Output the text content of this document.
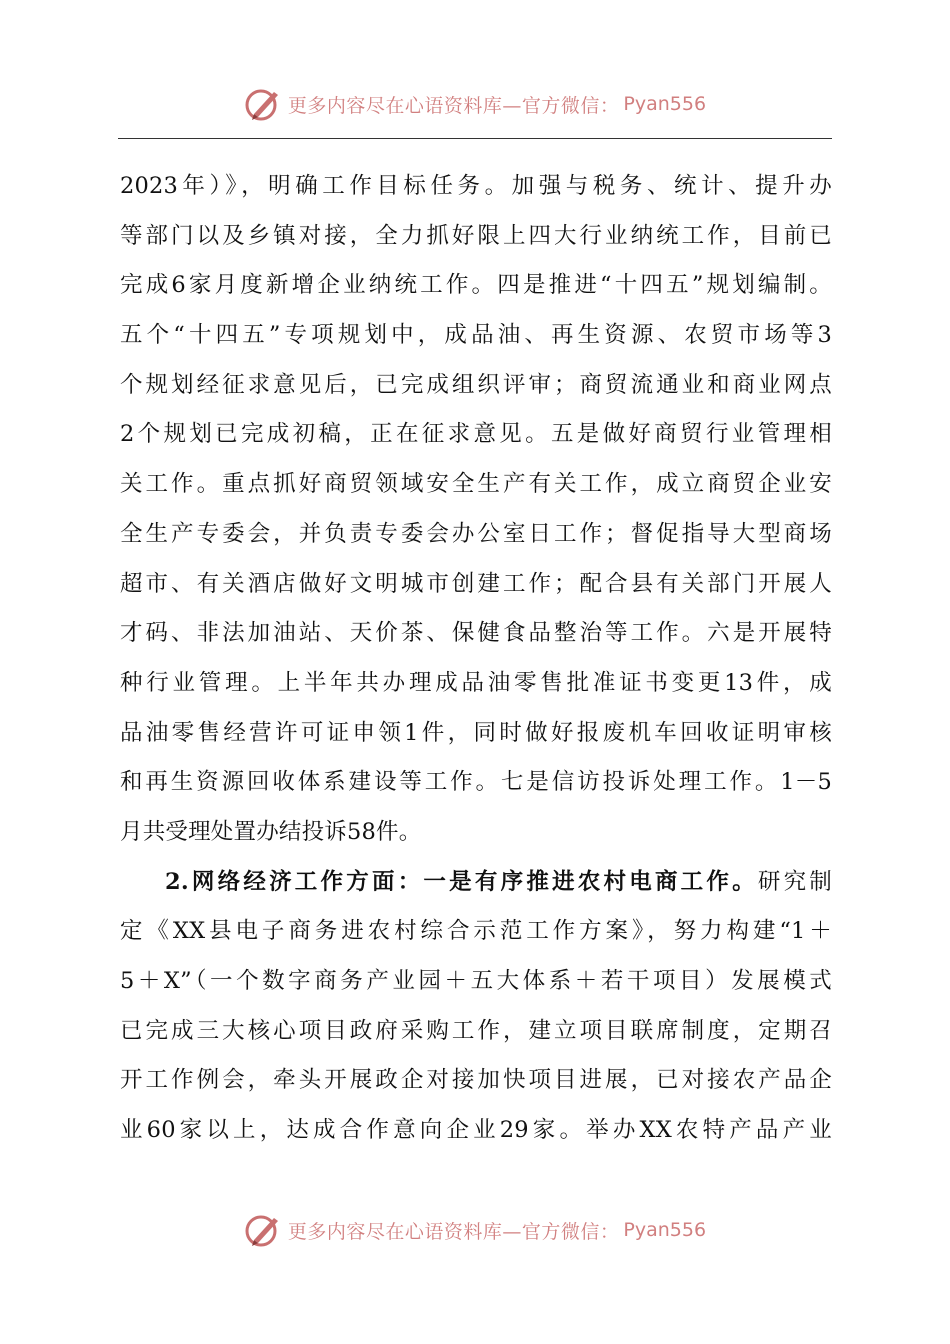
更多内容尽在心语资料库—官方微信： Pyan556
2023年）》，明确工作目标任务。加强与税务、统计、提升办
等部门以及乡镇对接，全力抓好限上四大行业纳统工作，目前已
完成6家月度新增企业纳统工作。四是推进“十四五”规划编制。
五个“十四五”专项规划中，成品油、再生资源、农贸市场等3
个规划经征求意见后，已完成组织评审；商贸流通业和商业网点
2个规划已完成初稿，正在征求意见。五是做好商贸行业管理相
关工作。重点抓好商贸领域安全生产有关工作，成立商贸企业安
全生产专委会，并负责专委会办公室日工作；督促指导大型商场
超市、有关酒店做好文明城市创建工作；配合县有关部门开展人
才码、非法加油站、天价茶、保健食品整治等工作。六是开展特
种行业管理。上半年共办理成品油零售批准证书变更13件，成
品油零售经营许可证申领1件，同时做好报废机车回收证明审核
和再生资源回收体系建设等工作。七是信访投诉处理工作。1－5
月共受理处置办结投诉58件。
2.网络经济工作方面：一是有序推进农村电商工作。研究制
定《XX县电子商务进农村综合示范工作方案》，努力构建“1＋
5＋X”（一个数字商务产业园＋五大体系＋若干项目）发展模式
已完成三大核心项目政府采购工作，建立项目联席制度，定期召
开工作例会，牵头开展政企对接加快项目进展，已对接农产品企
业60家以上，达成合作意向企业29家。举办XX农特产品产业
更多内容尽在心语资料库—官方微信： Pyan556
